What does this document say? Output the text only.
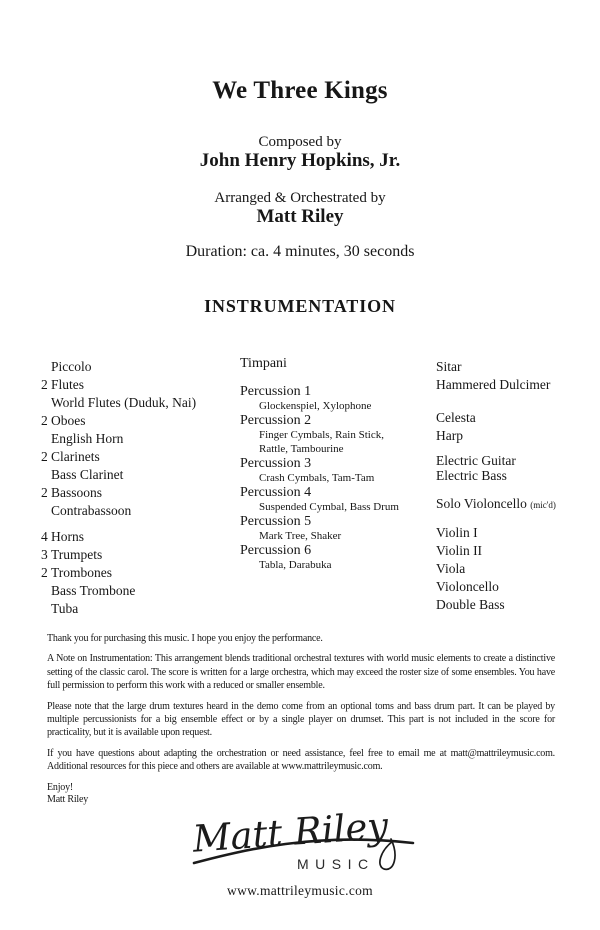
We Three Kings
Composed by
John Henry Hopkins, Jr.
Arranged & Orchestrated by
Matt Riley
Duration: ca. 4 minutes, 30 seconds
INSTRUMENTATION
Piccolo
2 Flutes
World Flutes (Duduk, Nai)
2 Oboes
English Horn
2 Clarinets
Bass Clarinet
2 Bassoons
Contrabassoon
4 Horns
3 Trumpets
2 Trombones
Bass Trombone
Tuba
Timpani
Percussion 1
Glockenspiel, Xylophone
Percussion 2
Finger Cymbals, Rain Stick,
Rattle, Tambourine
Percussion 3
Crash Cymbals, Tam-Tam
Percussion 4
Suspended Cymbal, Bass Drum
Percussion 5
Mark Tree, Shaker
Percussion 6
Tabla, Darabuka
Sitar
Hammered Dulcimer
Celesta
Harp
Electric Guitar
Electric Bass
Solo Violoncello (mic'd)
Violin I
Violin II
Viola
Violoncello
Double Bass

Thank you for purchasing this music. I hope you enjoy the performance.

A Note on Instrumentation: This arrangement blends traditional orchestral textures with world music elements to create a distinctive setting of the classic carol. The score is written for a large orchestra, which may exceed the roster size of some ensembles. You have full permission to perform this work with a reduced or smaller ensemble.

Please note that the large drum textures heard in the demo come from an optional toms and bass drum part. It can be played by multiple percussionists for a big ensemble effect or by a single player on drumset. This part is not included in the score for practicality, but it is available upon request.

If you have questions about adapting the orchestration or need assistance, feel free to email me at matt@mattrileymusic.com. Additional resources for this piece and others are available at www.mattrileymusic.com.

Enjoy!
Matt Riley
Matt Riley
MUSIC
www.mattrileymusic.com
